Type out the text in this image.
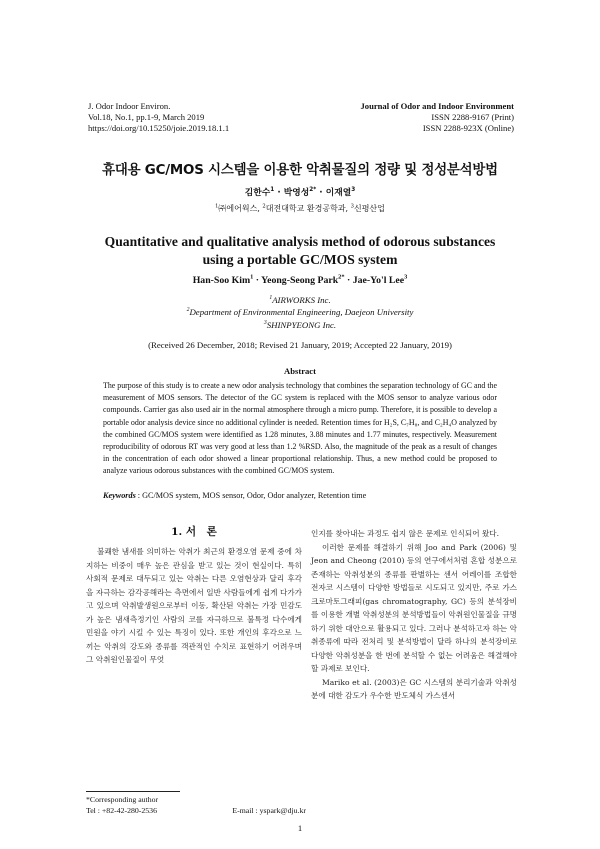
J. Odor Indoor Environ.
Vol.18, No.1, pp.1-9, March 2019
https://doi.org/10.15250/joie.2019.18.1.1
Journal of Odor and Indoor Environment
ISSN 2288-9167 (Print)
ISSN 2288-923X (Online)
휴대용 GC/MOS 시스템을 이용한 악취물질의 정량 및 정성분석방법
김한수$^1$ · 박영성$^{2*}$ · 이재열$^3$
$^1$㈜에어웍스, $^2$대전대학교 환경공학과, $^3$신평산업
Quantitative and qualitative analysis method of odorous substances
using a portable GC/MOS system
Han-Soo Kim$^1$ · Yeong-Seong Park$^{2*}$ · Jae-Yo'l Lee$^3$
$^1$AIRWORKS Inc.
$^2$Department of Environmental Engineering, Daejeon University
$^3$SHINPYEONG Inc.
(Received 26 December, 2018; Revised 21 January, 2019; Accepted 22 January, 2019)
Abstract
The purpose of this study is to create a new odor analysis technology that combines the separation technology of GC and the measurement of MOS sensors. The detector of the GC system is replaced with the MOS sensor to analyze various odor compounds. Carrier gas also used air in the normal atmosphere through a micro pump. Therefore, it is possible to develop a portable odor analysis device since no additional cylinder is needed. Retention times for H₂S, C₇H₈, and C₂H₄O analyzed by the combined GC/MOS system were identified as 1.28 minutes, 3.88 minutes and 1.77 minutes, respectively. Measurement reproducibility of odorous RT was very good at less than 1.2 %RSD. Also, the magnitude of the peak as a result of changes in the concentration of each odor showed a linear proportional relationship. Thus, a new method could be proposed to analyze various odorous substances with the combined GC/MOS system.
Keywords : GC/MOS system, MOS sensor, Odor, Odor analyzer, Retention time
1. 서　론

불쾌한 냄새를 의미하는 악취가 최근의 환경오염 문제 중에 차지하는 비중이 매우 높은 관심을 받고 있는 것이 현실이다. 특히 사회적 문제로 대두되고 있는 악취는 다른 오염현상과 달리 후각을 자극하는 감각공해라는 측면에서 일반 사람들에게 쉽게 다가가고 있으며 악취발생원으로부터 이동, 확산된 악취는 가장 민감도가 높은 냄새측정기인 사람의 코를 자극하므로 불특정 다수에게 민원을 야기 시킬 수 있는 특징이 있다. 또한 개인의 후각으로 느끼는 악취의 강도와 종류를 객관적인 수치로 표현하기 어려우며 그 악취원인물질이 무엇

인지를 찾아내는 과정도 쉽지 않은 문제로 인식되어 왔다.

이러한 문제를 해결하기 위해 Joo and Park (2006) 및 Jeon and Cheong (2010) 등의 연구에서처럼 혼합 성분으로 존재하는 악취성분의 종류를 판별하는 센서 어레이를 조합한 전자코 시스템이 다양한 방법들로 시도되고 있지만, 주로 가스크로마토그래피(gas chromatography, GC) 등의 분석장비를 이용한 개별 악취성분의 분석방법들이 악취원인물질을 규명하기 위한 대안으로 활용되고 있다. 그러나 분석하고자 하는 악취종류에 따라 전처리 및 분석방법이 달라 하나의 분석장비로 다양한 악취성분을 한 번에 분석할 수 없는 어려움은 해결해야할 과제로 보인다.

Mariko et al. (2003)은 GC 시스템의 분리기술과 악취성분에 대한 감도가 우수한 반도체식 가스센서

*Corresponding author
Tel : +82-42-280-2536	E-mail : yspark@dju.kr
1
